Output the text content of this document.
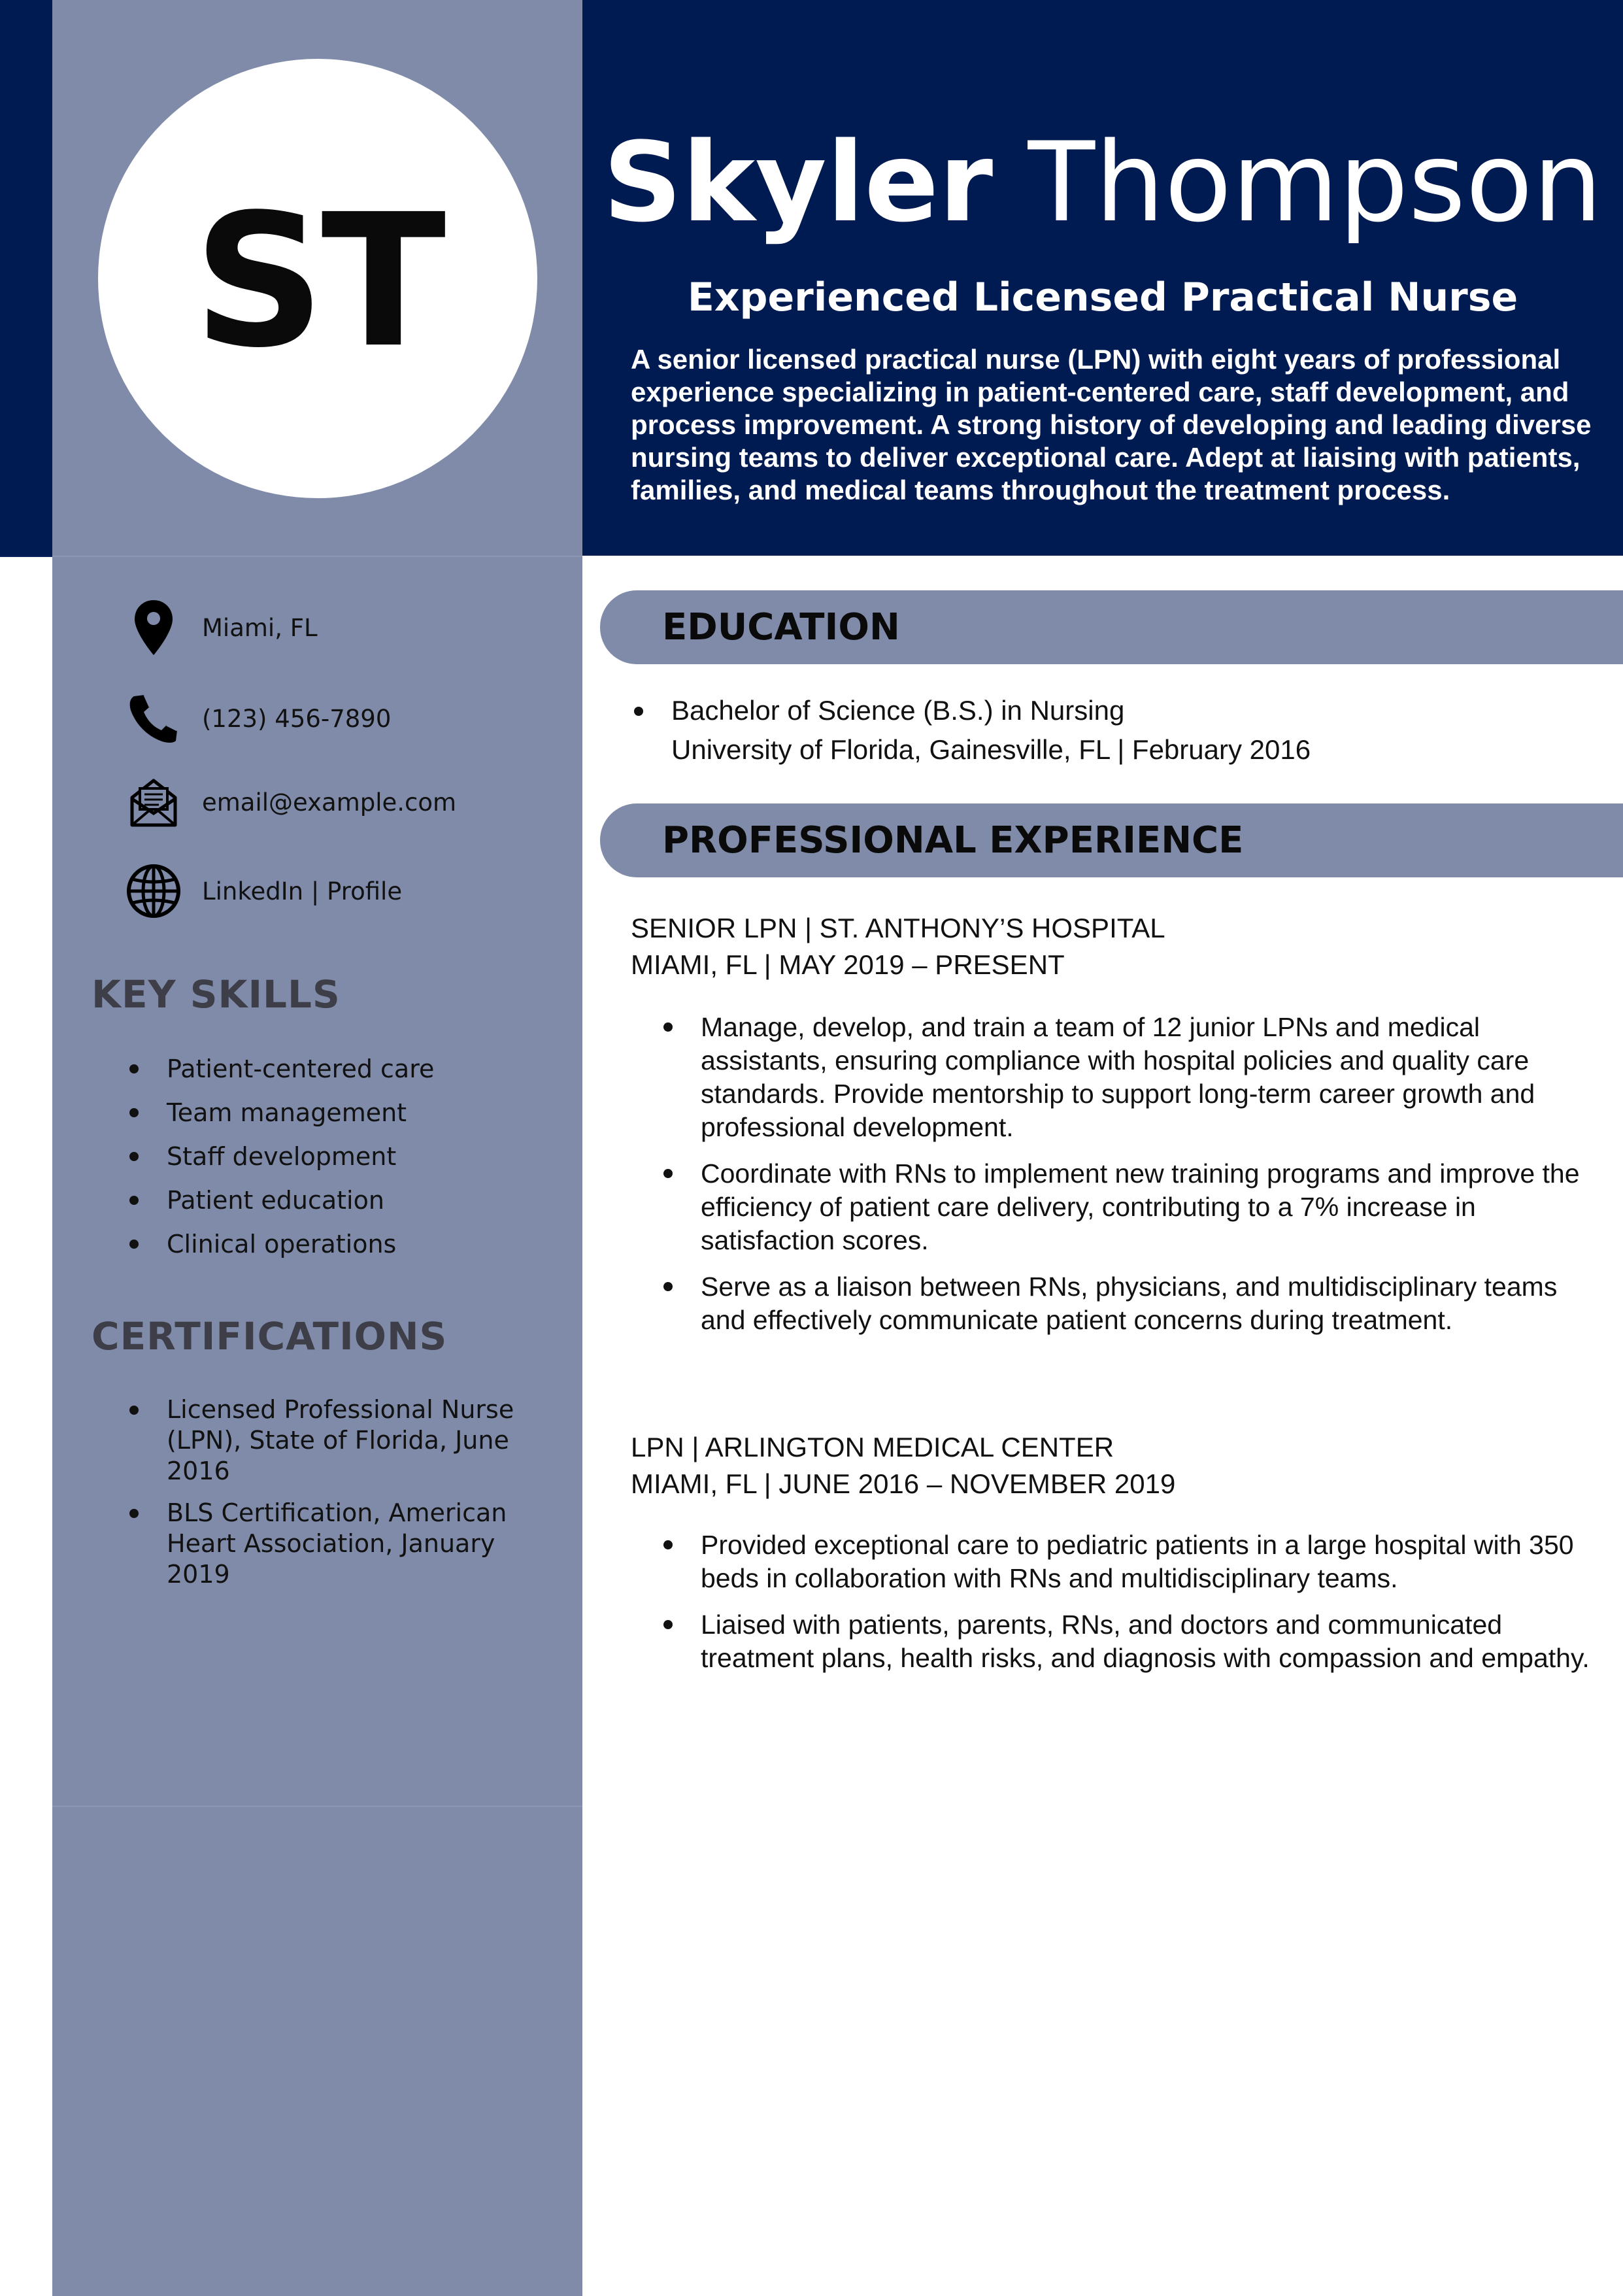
ST Skyler Thompson
Experienced Licensed Practical Nurse
A senior licensed practical nurse (LPN) with eight years of professional experience specializing in patient-centered care, staff development, and process improvement. A strong history of developing and leading diverse nursing teams to deliver exceptional care. Adept at liaising with patients, families, and medical teams throughout the treatment process.
Miami, FL
(123) 456-7890
email@example.com
LinkedIn | Profile
KEY SKILLS
Patient-centered care
Team management
Staff development
Patient education
Clinical operations
CERTIFICATIONS
Licensed Professional Nurse (LPN), State of Florida, June 2016
BLS Certification, American Heart Association, January 2019
EDUCATION
Bachelor of Science (B.S.) in Nursing
University of Florida, Gainesville, FL | February 2016
PROFESSIONAL EXPERIENCE
SENIOR LPN | ST. ANTHONY’S HOSPITAL
MIAMI, FL | MAY 2019 – PRESENT
Manage, develop, and train a team of 12 junior LPNs and medical assistants, ensuring compliance with hospital policies and quality care standards. Provide mentorship to support long-term career growth and professional development.
Coordinate with RNs to implement new training programs and improve the efficiency of patient care delivery, contributing to a 7% increase in satisfaction scores.
Serve as a liaison between RNs, physicians, and multidisciplinary teams and effectively communicate patient concerns during treatment.
LPN | ARLINGTON MEDICAL CENTER
MIAMI, FL | JUNE 2016 – NOVEMBER 2019
Provided exceptional care to pediatric patients in a large hospital with 350 beds in collaboration with RNs and multidisciplinary teams.
Liaised with patients, parents, RNs, and doctors and communicated treatment plans, health risks, and diagnosis with compassion and empathy.
